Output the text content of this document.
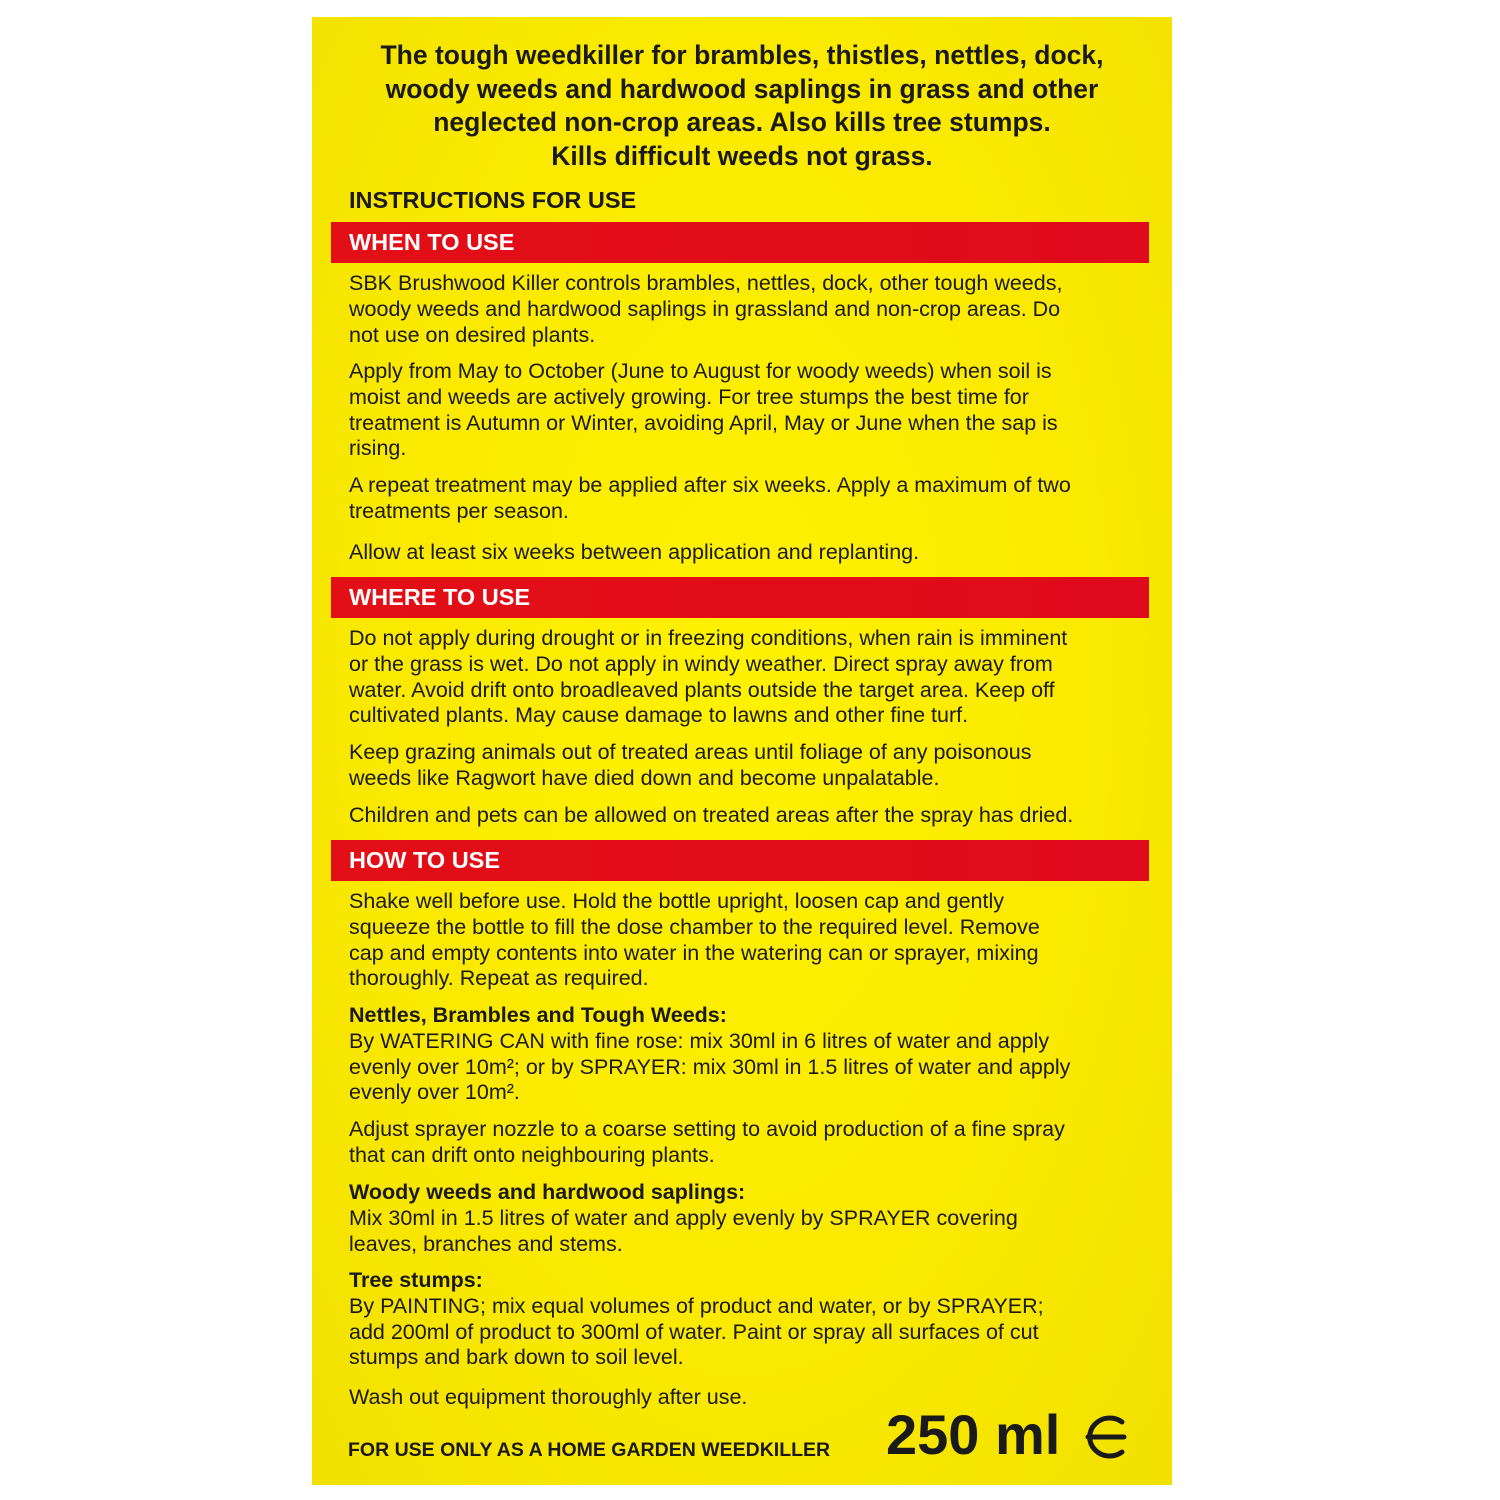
The tough weedkiller for brambles, thistles, nettles, dock,
woody weeds and hardwood saplings in grass and other
neglected non-crop areas. Also kills tree stumps.
Kills difficult weeds not grass.
INSTRUCTIONS FOR USE
WHEN TO USE
SBK Brushwood Killer controls brambles, nettles, dock, other tough weeds,
woody weeds and hardwood saplings in grassland and non-crop areas. Do
not use on desired plants.
Apply from May to October (June to August for woody weeds) when soil is
moist and weeds are actively growing. For tree stumps the best time for
treatment is Autumn or Winter, avoiding April, May or June when the sap is
rising.
A repeat treatment may be applied after six weeks. Apply a maximum of two
treatments per season.
Allow at least six weeks between application and replanting.
WHERE TO USE
Do not apply during drought or in freezing conditions, when rain is imminent
or the grass is wet. Do not apply in windy weather. Direct spray away from
water. Avoid drift onto broadleaved plants outside the target area. Keep off
cultivated plants. May cause damage to lawns and other fine turf.
Keep grazing animals out of treated areas until foliage of any poisonous
weeds like Ragwort have died down and become unpalatable.
Children and pets can be allowed on treated areas after the spray has dried.
HOW TO USE
Shake well before use. Hold the bottle upright, loosen cap and gently
squeeze the bottle to fill the dose chamber to the required level. Remove
cap and empty contents into water in the watering can or sprayer, mixing
thoroughly. Repeat as required.
Nettles, Brambles and Tough Weeds:
By WATERING CAN with fine rose: mix 30ml in 6 litres of water and apply
evenly over 10m²; or by SPRAYER: mix 30ml in 1.5 litres of water and apply
evenly over 10m².
Adjust sprayer nozzle to a coarse setting to avoid production of a fine spray
that can drift onto neighbouring plants.
Woody weeds and hardwood saplings:
Mix 30ml in 1.5 litres of water and apply evenly by SPRAYER covering
leaves, branches and stems.
Tree stumps:
By PAINTING; mix equal volumes of product and water, or by SPRAYER;
add 200ml of product to 300ml of water. Paint or spray all surfaces of cut
stumps and bark down to soil level.
Wash out equipment thoroughly after use.
FOR USE ONLY AS A HOME GARDEN WEEDKILLER 250 ml
